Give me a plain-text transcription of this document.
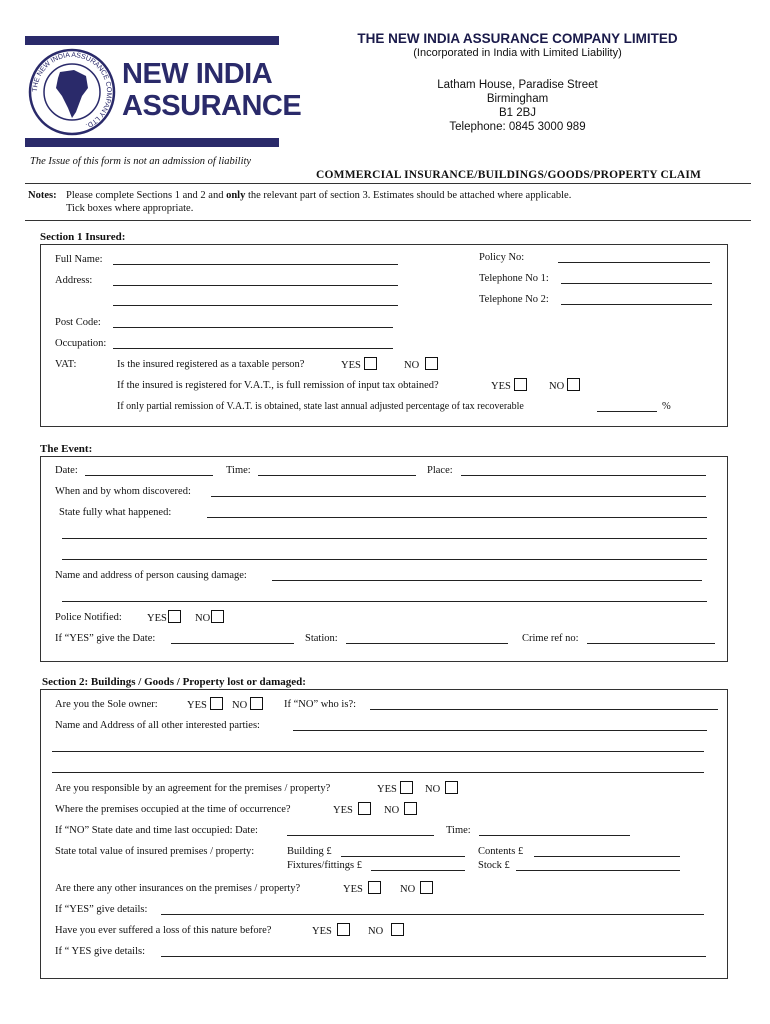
THE NEW INDIA ASSURANCE COMPANY LTD.
NEW INDIA
ASSURANCE
THE NEW INDIA ASSURANCE COMPANY LIMITED
(Incorporated in India with Limited Liability)
Latham House, Paradise Street
Birmingham
B1 2BJ
Telephone: 0845 3000 989
The Issue of this form is not an admission of liability
COMMERCIAL INSURANCE/BUILDINGS/GOODS/PROPERTY CLAIM
Notes: Please complete Sections 1 and 2 and only the relevant part of section 3. Estimates should be attached where applicable.
Tick boxes where appropriate.
Section 1 Insured:
Full Name:	Policy No:
Address:	Telephone No 1:
Telephone No 2:
Post Code:
Occupation:
VAT:	Is the insured registered as a taxable person?	YES	NO
If the insured is registered for V.A.T., is full remission of input tax obtained?	YES	NO
If only partial remission of V.A.T. is obtained, state last annual adjusted percentage of tax recoverable	%
The Event:
Date:	Time:	Place:
When and by whom discovered:
State fully what happened:
Name and address of person causing damage:
Police Notified: YES	NO
If “YES” give the Date:	Station:	Crime ref no:
Section 2: Buildings / Goods / Property lost or damaged:
Are you the Sole owner:	YES	NO	If “NO” who is?:
Name and Address of all other interested parties:
Are you responsible by an agreement for the premises / property?	YES	NO
Where the premises occupied at the time of occurrence?	YES	NO
If “NO” State date and time last occupied: Date:	Time:
State total value of insured premises / property:	Building £	Contents £
Fixtures/fittings £	Stock £
Are there any other insurances on the premises / property?	YES	NO
If “YES” give details:
Have you ever suffered a loss of this nature before?	YES	NO
If “ YES give details:
